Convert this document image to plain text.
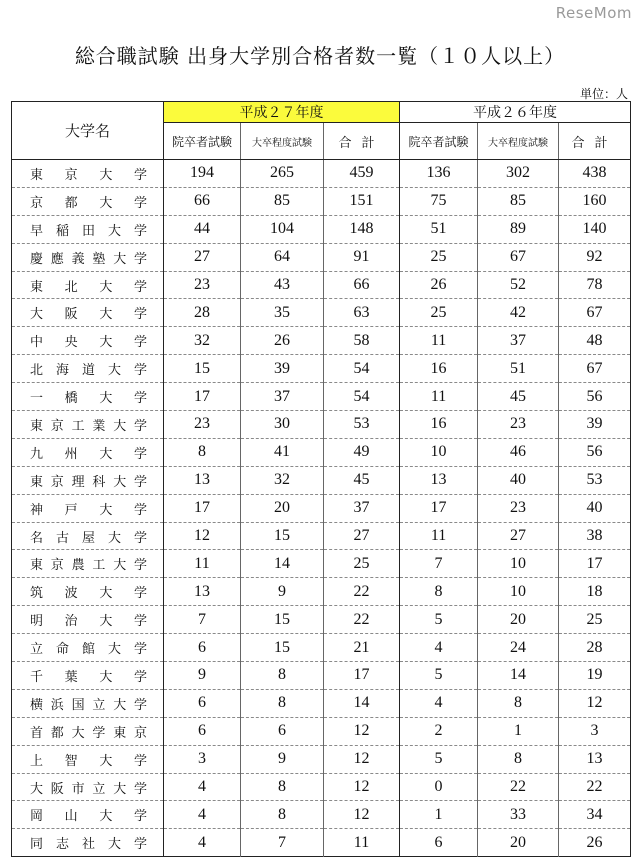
ReseMom
総合職試験 出身大学別合格者数一覧（１０人以上）
単位：人
大学名	平成２７年度			平成２６年度		
	院卒者試験	大卒程度試験	合計	院卒者試験	大卒程度試験	合計
東京大学	194	265	459	136	302	438
京都大学	66	85	151	75	85	160
早稲田大学	44	104	148	51	89	140
慶應義塾大学	27	64	91	25	67	92
東北大学	23	43	66	26	52	78
大阪大学	28	35	63	25	42	67
中央大学	32	26	58	11	37	48
北海道大学	15	39	54	16	51	67
一橋大学	17	37	54	11	45	56
東京工業大学	23	30	53	16	23	39
九州大学	8	41	49	10	46	56
東京理科大学	13	32	45	13	40	53
神戸大学	17	20	37	17	23	40
名古屋大学	12	15	27	11	27	38
東京農工大学	11	14	25	7	10	17
筑波大学	13	9	22	8	10	18
明治大学	7	15	22	5	20	25
立命館大学	6	15	21	4	24	28
千葉大学	9	8	17	5	14	19
横浜国立大学	6	8	14	4	8	12
首都大学東京	6	6	12	2	1	3
上智大学	3	9	12	5	8	13
大阪市立大学	4	8	12	0	22	22
岡山大学	4	8	12	1	33	34
同志社大学	4	7	11	6	20	26
